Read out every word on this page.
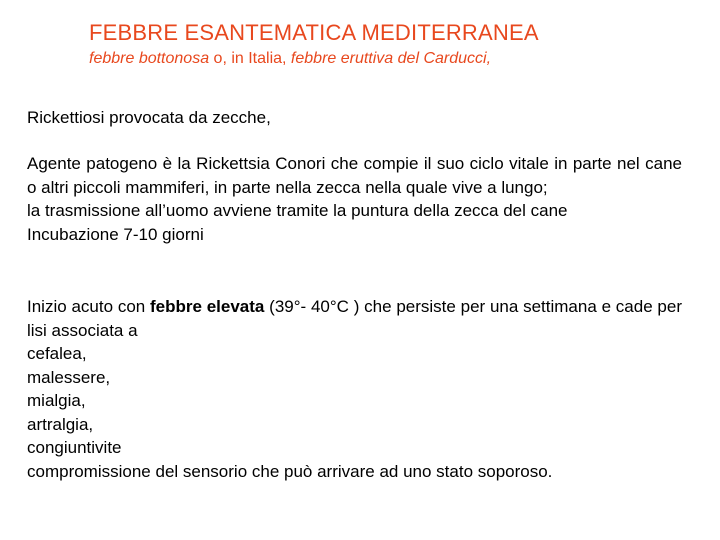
FEBBRE ESANTEMATICA MEDITERRANEA
febbre bottonosa o, in Italia, febbre eruttiva del Carducci,
Rickettiosi provocata da zecche,
Agente patogeno è la Rickettsia Conori che compie il suo ciclo vitale in parte nel cane o altri piccoli mammiferi, in parte nella zecca nella quale vive a lungo;
la trasmissione all’uomo avviene tramite la puntura della zecca del cane
Incubazione 7-10 giorni
Inizio acuto con febbre elevata (39°- 40°C ) che persiste per una settimana e cade per lisi associata a
cefalea,
malessere,
mialgia,
artralgia,
congiuntivite
compromissione del sensorio che può arrivare ad uno stato soporoso.
